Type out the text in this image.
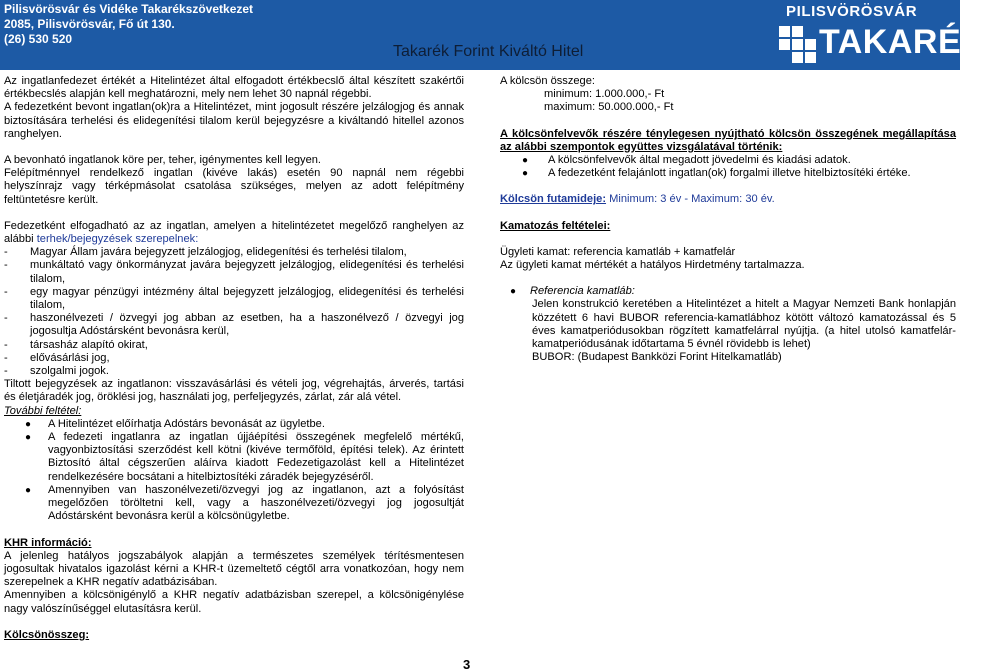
Pilisvörösvár és Vidéke Takarékszövetkezet
2085, Pilisvörösvár, Fő út 130.
(26) 530 520
Takarék Forint Kiváltó Hitel
PILISVÖRÖSVÁR
TAKARÉK

Az ingatlanfedezet értékét a Hitelintézet által elfogadott értékbecslő által készített szakértői értékbecslés alapján kell meghatározni, mely nem lehet 30 napnál régebbi.

A fedezetként bevont ingatlan(ok)ra a Hitelintézet, mint jogosult részére jelzálogjog és annak biztosítására terhelési és elidegenítési tilalom kerül bejegyzésre a kiváltandó hitellel azonos ranghelyen.

A bevonható ingatlanok köre per, teher, igénymentes kell legyen.

Felépítménnyel rendelkező ingatlan (kivéve lakás) esetén 90 napnál nem régebbi helyszínrajz vagy térképmásolat csatolása szükséges, melyen az adott felépítmény feltüntetésre került.

Fedezetként elfogadható az az ingatlan, amelyen a hitelintézetet megelőző ranghelyen az alábbi terhek/bejegyzések szerepelnek:

- Magyar Állam javára bejegyzett jelzálogjog, elidegenítési és terhelési tilalom,
- munkáltató vagy önkormányzat javára bejegyzett jelzálogjog, elidegenítési és terhelési tilalom,
- egy magyar pénzügyi intézmény által bejegyzett jelzálogjog, elidegenítési és terhelési tilalom,
- haszonélvezeti / özvegyi jog abban az esetben, ha a haszonélvező / özvegyi jog jogosultja Adóstársként bevonásra kerül,
- társasház alapító okirat,
- elővásárlási jog,
- szolgalmi jogok.

Tiltott bejegyzések az ingatlanon: visszavásárlási és vételi jog, végrehajtás, árverés, tartási és életjáradék jog, öröklési jog, használati jog, perfeljegyzés, zárlat, zár alá vétel.

További feltétel:

● A Hitelintézet előírhatja Adóstárs bevonását az ügyletbe.
● A fedezeti ingatlanra az ingatlan újjáépítési összegének megfelelő mértékű, vagyonbiztosítási szerződést kell kötni (kivéve termőföld, építési telek). Az érintett Biztosító által cégszerűen aláírva kiadott Fedezetigazolást kell a Hitelintézet rendelkezésére bocsátani a hitelbiztosítéki záradék bejegyzéséről.
● Amennyiben van haszonélvezeti/özvegyi jog az ingatlanon, azt a folyósítást megelőzően töröltetni kell, vagy a haszonélvezeti/özvegyi jog jogosultját Adóstársként bevonásra kerül a kölcsönügyletbe.

KHR információ:

A jelenleg hatályos jogszabályok alapján a természetes személyek térítésmentesen jogosultak hivatalos igazolást kérni a KHR-t üzemeltető cégtől arra vonatkozóan, hogy nem szerepelnek a KHR negatív adatbázisában.

Amennyiben a kölcsönigénylő a KHR negatív adatbázisban szerepel, a kölcsönigénylése nagy valószínűséggel elutasításra kerül.

Kölcsönösszeg:

A kölcsön összege:

minimum: 1.000.000,- Ft

maximum: 50.000.000,- Ft

A kölcsönfelvevők részére ténylegesen nyújtható kölcsön összegének megállapítása az alábbi szempontok együttes vizsgálatával történik:

● A kölcsönfelvevők által megadott jövedelmi és kiadási adatok.
● A fedezetként felajánlott ingatlan(ok) forgalmi illetve hitelbiztosítéki értéke.

Kölcsön futamideje: Minimum: 3 év - Maximum: 30 év.

Kamatozás feltételei:

Ügyleti kamat: referencia kamatláb + kamatfelár

Az ügyleti kamat mértékét a hatályos Hirdetmény tartalmazza.

● Referencia kamatláb:

Jelen konstrukció keretében a Hitelintézet a hitelt a Magyar Nemzeti Bank honlapján közzétett 6 havi BUBOR referencia-kamatlábhoz kötött változó kamatozással és 5 éves kamatperiódusokban rögzített kamatfelárral nyújtja. (a hitel utolsó kamatfelár-kamatperiódusának időtartama 5 évnél rövidebb is lehet)

BUBOR: (Budapest Bankközi Forint Hitelkamatláb)

3
